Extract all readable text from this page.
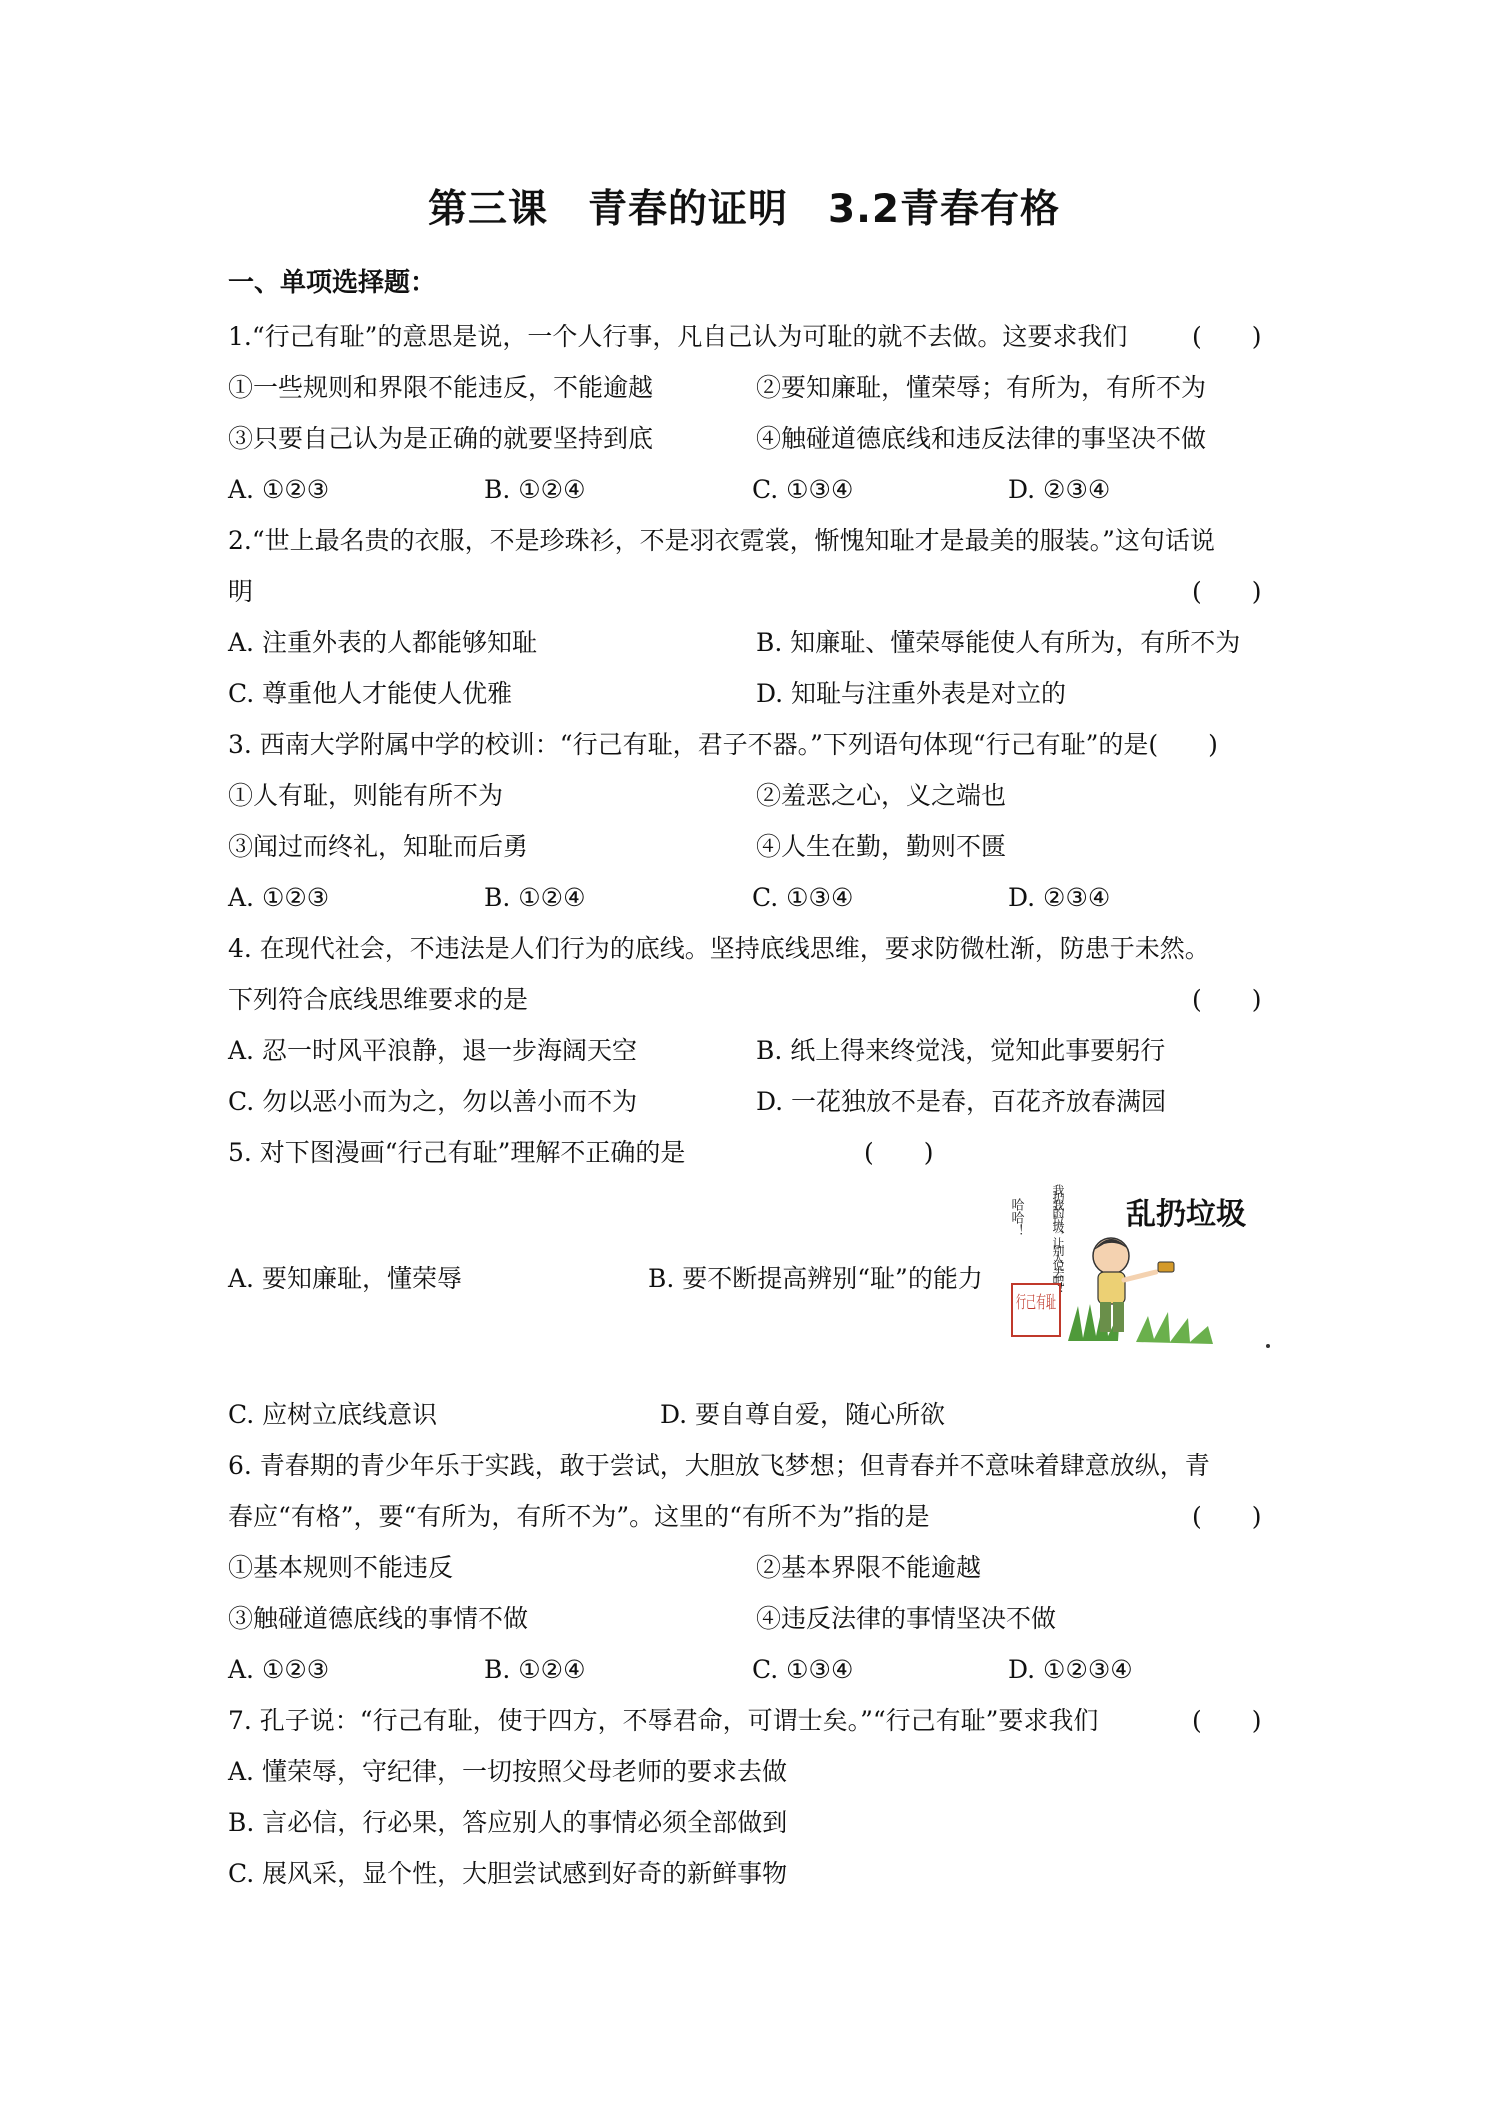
第三课　青春的证明　3.2青春有格
一、单项选择题：
1.“行己有耻”的意思是说，一个人行事，凡自己认为可耻的就不去做。这要求我们	(　　)
①一些规则和界限不能违反，不能逾越	②要知廉耻，懂荣辱；有所为，有所不为
③只要自己认为是正确的就要坚持到底	④触碰道德底线和违反法律的事坚决不做
A. ①②③	B. ①②④	C. ①③④	D. ②③④
2.“世上最名贵的衣服，不是珍珠衫，不是羽衣霓裳，惭愧知耻才是最美的服装。”这句话说
明	(　　)
A. 注重外表的人都能够知耻	B. 知廉耻、懂荣辱能使人有所为，有所不为
C. 尊重他人才能使人优雅	D. 知耻与注重外表是对立的
3. 西南大学附属中学的校训：“行己有耻，君子不器。”下列语句体现“行己有耻”的是(　　)
①人有耻，则能有所不为	②羞恶之心，义之端也
③闻过而终礼，知耻而后勇	④人生在勤，勤则不匮
A. ①②③	B. ①②④	C. ①③④	D. ②③④
4. 在现代社会，不违法是人们行为的底线。坚持底线思维，要求防微杜渐，防患于未然。
下列符合底线思维要求的是	(　　)
A. 忍一时风平浪静，退一步海阔天空	B. 纸上得来终觉浅，觉知此事要躬行
C. 勿以恶小而为之，勿以善小而不为	D. 一花独放不是春，百花齐放春满园
5. 对下图漫画“行己有耻”理解不正确的是	(　　)
A. 要知廉耻，懂荣辱	B. 要不断提高辨别“耻”的能力
哈哈！
我扔我的垃圾，让别人说去吧！
乱扔垃圾
行己有耻
C. 应树立底线意识	D. 要自尊自爱，随心所欲
6. 青春期的青少年乐于实践，敢于尝试，大胆放飞梦想；但青春并不意味着肆意放纵，青
春应“有格”，要“有所为，有所不为”。这里的“有所不为”指的是	(　　)
①基本规则不能违反	②基本界限不能逾越
③触碰道德底线的事情不做	④违反法律的事情坚决不做
A. ①②③	B. ①②④	C. ①③④	D. ①②③④
7. 孔子说：“行己有耻，使于四方，不辱君命，可谓士矣。”“行己有耻”要求我们	(　　)
A. 懂荣辱，守纪律，一切按照父母老师的要求去做
B. 言必信，行必果，答应别人的事情必须全部做到
C. 展风采，显个性，大胆尝试感到好奇的新鲜事物
